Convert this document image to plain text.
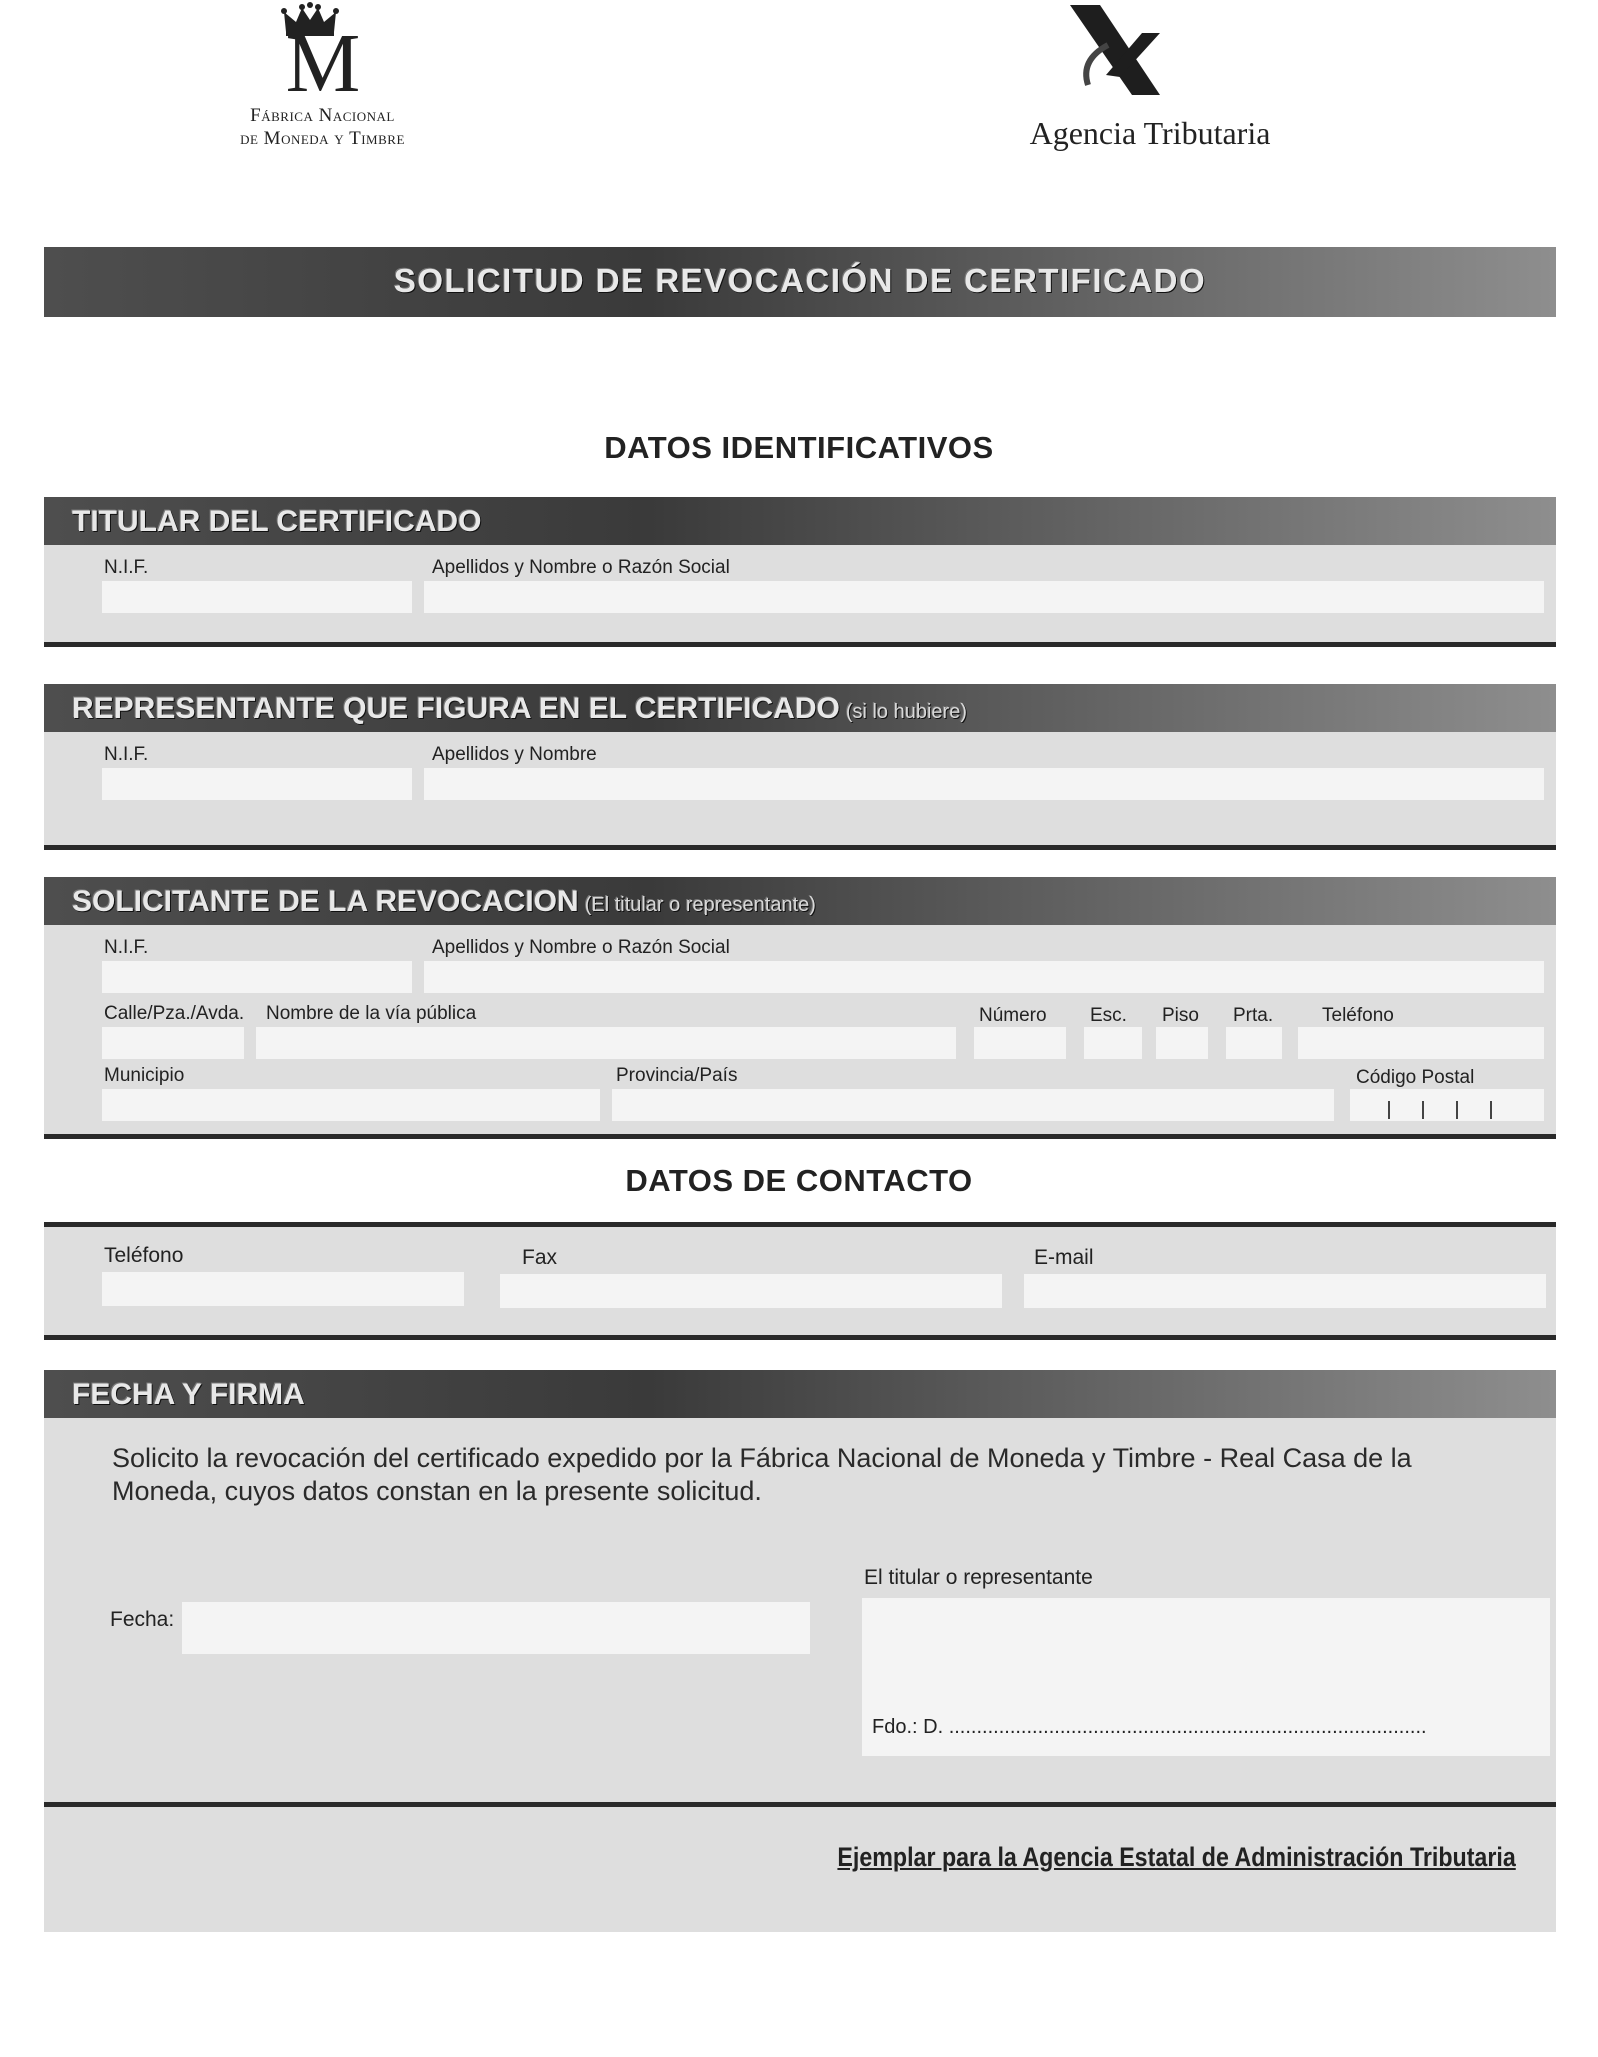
M
Fábrica Nacional
de Moneda y Timbre	Agencia Tributaria
SOLICITUD DE REVOCACIÓN DE CERTIFICADO
DATOS IDENTIFICATIVOS
TITULAR DEL CERTIFICADO
N.I.F.	Apellidos y Nombre o Razón Social
REPRESENTANTE QUE FIGURA EN EL CERTIFICADO (si lo hubiere)
N.I.F.	Apellidos y Nombre
SOLICITANTE DE LA REVOCACION (El titular o representante)
N.I.F.	Apellidos y Nombre o Razón Social
Calle/Pza./Avda. Nombre de la vía pública	Número Esc. Piso Prta.	Teléfono
Municipio	Provincia/País	Código Postal
DATOS DE CONTACTO
Teléfono	Fax	E-mail
FECHA Y FIRMA
Solicito la revocación del certificado expedido por la Fábrica Nacional de Moneda y Timbre - Real Casa de la Moneda, cuyos datos constan en la presente solicitud.
El titular o representante
Fecha:
Fdo.: D. ......................................................................................
Ejemplar para la Agencia Estatal de Administración Tributaria
